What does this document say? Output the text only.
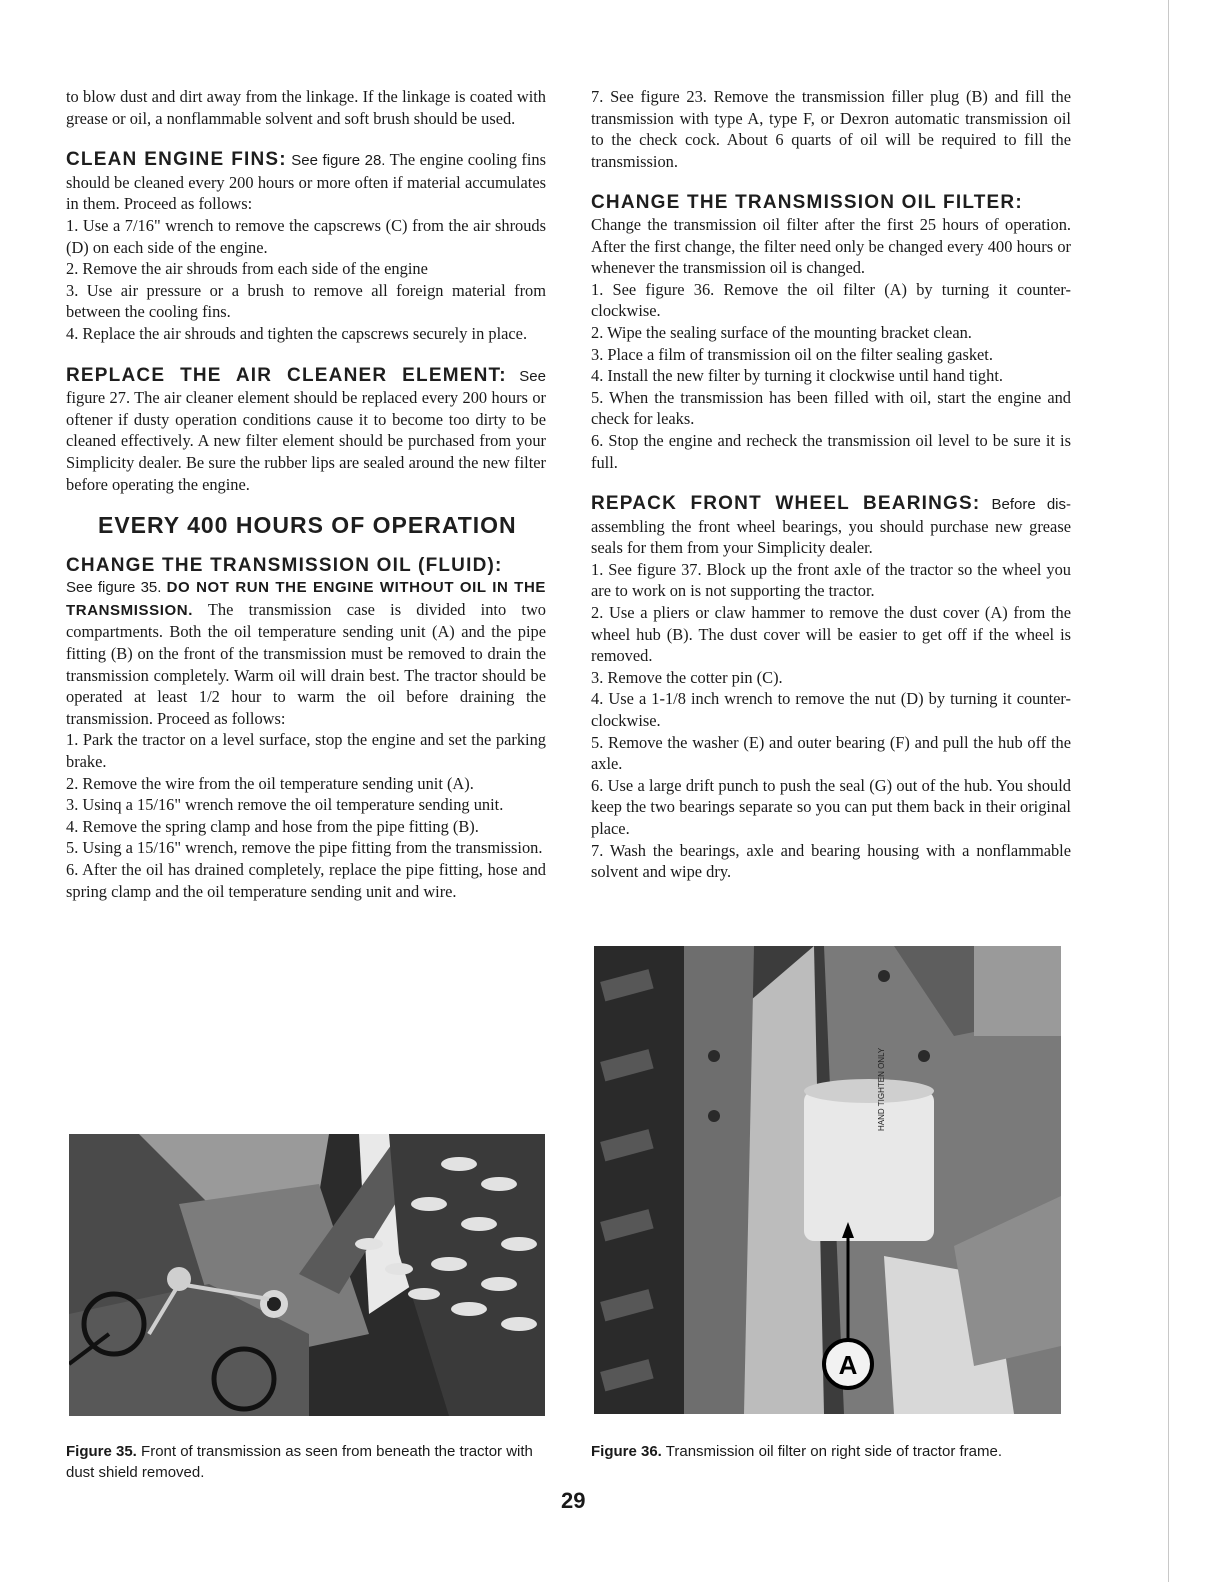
to blow dust and dirt away from the linkage. If the linkage is coated with grease or oil, a nonflammable solvent and soft brush should be used.

CLEAN ENGINE FINS: See figure 28. The engine cooling fins should be cleaned every 200 hours or more often if material accumulates in them. Proceed as follows:

1. Use a 7/16" wrench to remove the capscrews (C) from the air shrouds (D) on each side of the engine.

2. Remove the air shrouds from each side of the engine

3. Use air pressure or a brush to remove all foreign material from between the cooling fins.

4. Replace the air shrouds and tighten the capscrews securely in place.

REPLACE THE AIR CLEANER ELEMENT: See figure 27. The air cleaner element should be replaced every 200 hours or oftener if dusty operation conditions cause it to become too dirty to be cleaned effectively. A new filter element should be purchased from your Simplicity dealer. Be sure the rubber lips are sealed around the new filter before operating the engine.

EVERY 400 HOURS OF OPERATION

CHANGE THE TRANSMISSION OIL (FLUID):

See figure 35. DO NOT RUN THE ENGINE WITHOUT OIL IN THE TRANSMISSION. The transmission case is divided into two compartments. Both the oil temperature sending unit (A) and the pipe fitting (B) on the front of the transmission must be removed to drain the transmission completely. Warm oil will drain best. The tractor should be operated at least 1/2 hour to warm the oil before draining the transmission. Proceed as follows:

1. Park the tractor on a level surface, stop the engine and set the parking brake.

2. Remove the wire from the oil temperature sending unit (A).

3. Usinq a 15/16" wrench remove the oil temperature sending unit.

4. Remove the spring clamp and hose from the pipe fitting (B).

5. Using a 15/16" wrench, remove the pipe fitting from the transmission.

6. After the oil has drained completely, replace the pipe fitting, hose and spring clamp and the oil temperature sending unit and wire.

7. See figure 23. Remove the transmission filler plug (B) and fill the transmission with type A, type F, or Dexron automatic transmission oil to the check cock. About 6 quarts of oil will be required to fill the transmission.

CHANGE THE TRANSMISSION OIL FILTER:

Change the transmission oil filter after the first 25 hours of operation. After the first change, the filter need only be changed every 400 hours or whenever the transmission oil is changed.

1. See figure 36. Remove the oil filter (A) by turning it counter-clockwise.

2. Wipe the sealing surface of the mounting bracket clean.

3. Place a film of transmission oil on the filter sealing gasket.

4. Install the new filter by turning it clockwise until hand tight.

5. When the transmission has been filled with oil, start the engine and check for leaks.

6. Stop the engine and recheck the transmission oil level to be sure it is full.

REPACK FRONT WHEEL BEARINGS: Before dis- assembling the front wheel bearings, you should purchase new grease seals for them from your Simplicity dealer.

1. See figure 37. Block up the front axle of the tractor so the wheel you are to work on is not supporting the tractor.

2. Use a pliers or claw hammer to remove the dust cover (A) from the wheel hub (B). The dust cover will be easier to get off if the wheel is removed.

3. Remove the cotter pin (C).

4. Use a 1-1/8 inch wrench to remove the nut (D) by turning it counter-clockwise.

5. Remove the washer (E) and outer bearing (F) and pull the hub off the axle.

6. Use a large drift punch to push the seal (G) out of the hub. You should keep the two bearings separate so you can put them back in their original place.

7. Wash the bearings, axle and bearing housing with a nonflammable solvent and wipe dry.

HAND TIGHTEN ONLY
A
Figure 35. Front of transmission as seen from beneath the tractor with dust shield removed.
Figure 36. Transmission oil filter on right side of tractor frame.
29
